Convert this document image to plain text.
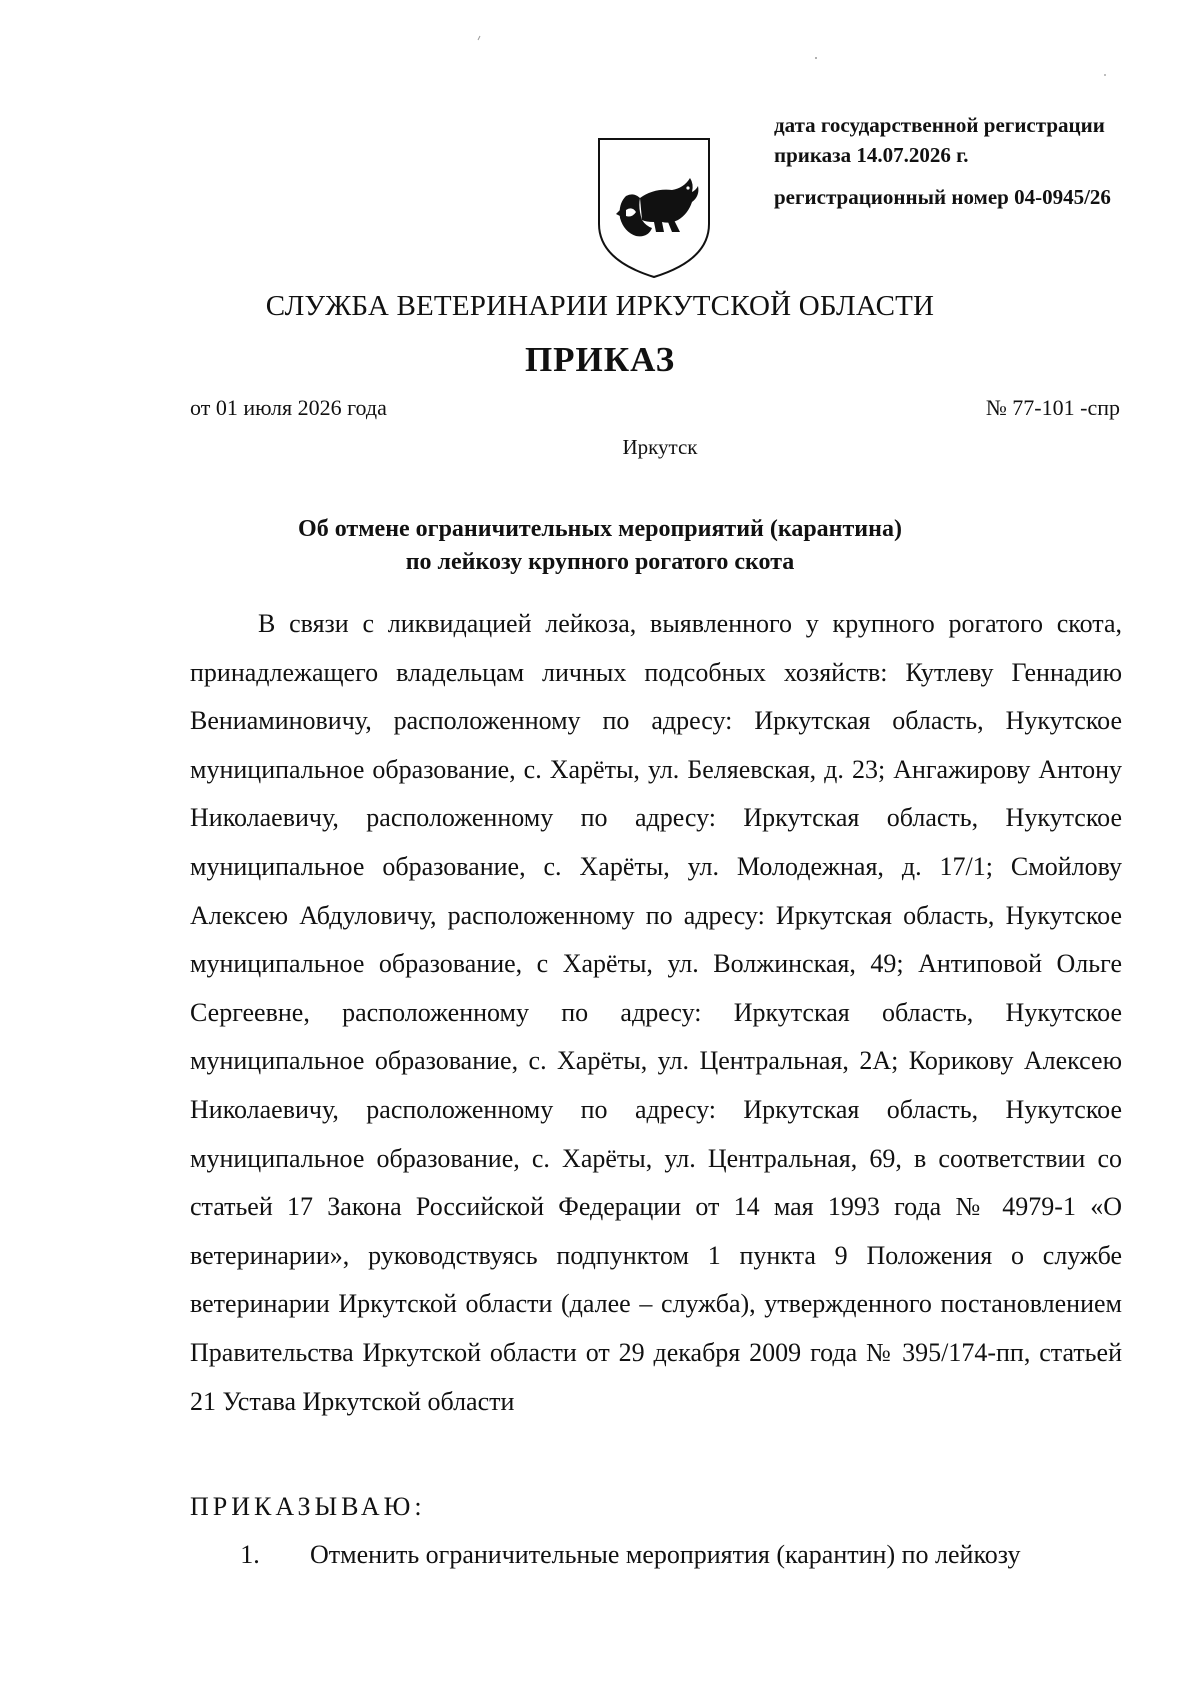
дата государственной регистрации
приказа 14.07.2026 г.
регистрационный номер 04-0945/26
СЛУЖБА ВЕТЕРИНАРИИ ИРКУТСКОЙ ОБЛАСТИ
ПРИКАЗ
от 01 июля 2026 года	№ 77-101 -спр
Иркутск
Об отмене ограничительных мероприятий (карантина)
по лейкозу крупного рогатого скота

В связи с ликвидацией лейкоза, выявленного у крупного рогатого скота, принадлежащего владельцам личных подсобных хозяйств: Кутлеву Геннадию Вениаминовичу, расположенному по адресу: Иркутская область, Нукутское муниципальное образование, с. Харёты, ул. Беляевская, д. 23; Ангажирову Антону Николаевичу, расположенному по адресу: Иркутская область, Нукутское муниципальное образование, с. Харёты, ул. Молодежная, д. 17/1; Смойлову Алексею Абдуловичу, расположенному по адресу: Иркутская область, Нукутское муниципальное образование, с Харёты, ул. Волжинская, 49; Антиповой Ольге Сергеевне, расположенному по адресу: Иркутская область, Нукутское муниципальное образование, с. Харёты, ул. Центральная, 2А; Корикову Алексею Николаевичу, расположенному по адресу: Иркутская область, Нукутское муниципальное образование, с. Харёты, ул. Центральная, 69, в соответствии со статьей 17 Закона Российской Федерации от 14 мая 1993 года № 4979-1 «О ветеринарии», руководствуясь подпунктом 1 пункта 9 Положения о службе ветеринарии Иркутской области (далее – служба), утвержденного постановлением Правительства Иркутской области от 29 декабря 2009 года № 395/174-пп, статьей 21 Устава Иркутской области

ПРИКАЗЫВАЮ:
1.	Отменить ограничительные мероприятия (карантин) по лейкозу
